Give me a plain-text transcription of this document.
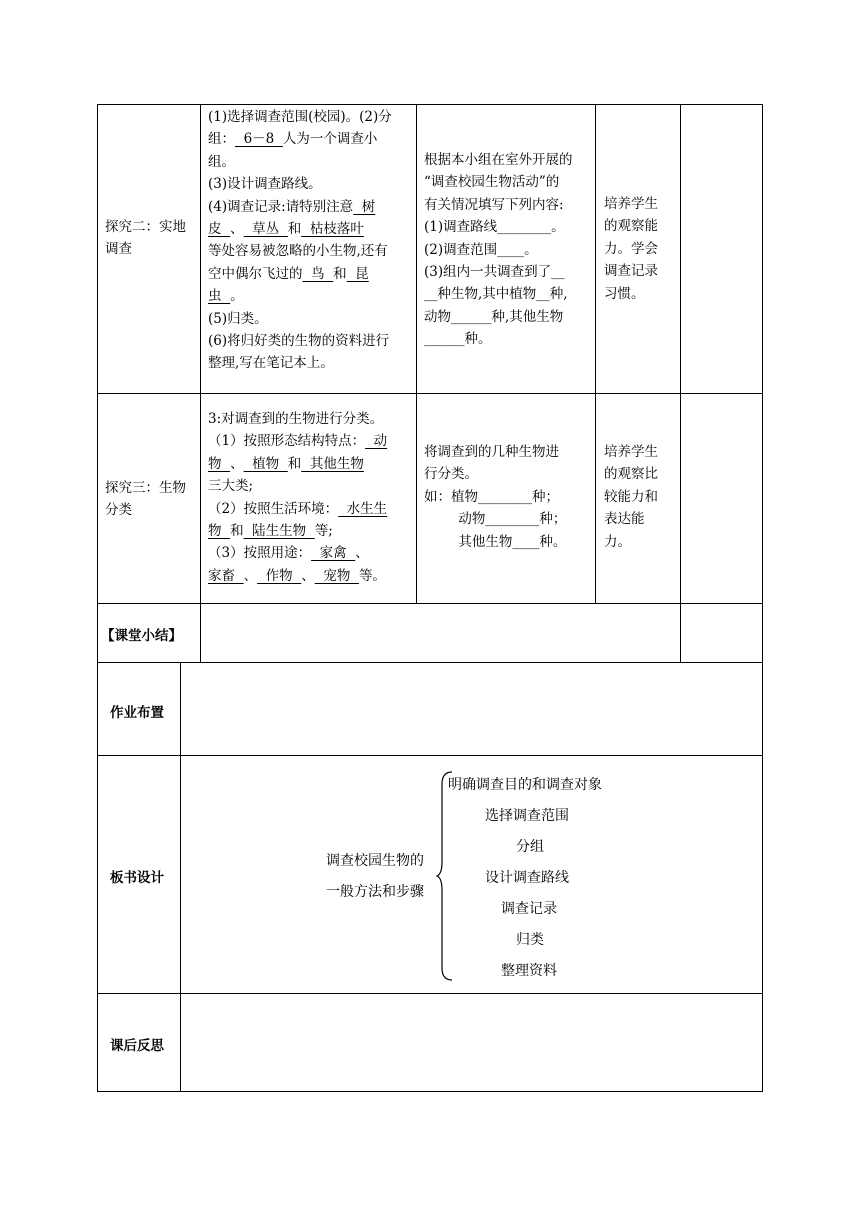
探究二：实地
调查
(1)选择调查范围(校园)。(2)分
组：  6－8  人为一个调查小
组。
(3)设计调查路线。
(4)调查记录:请特别注意  树
皮  、  草丛  和  枯枝落叶
等处容易被忽略的小生物,还有
空中偶尔飞过的  鸟  和  昆
虫  。
(5)归类。
(6)将归好类的生物的资料进行
整理,写在笔记本上。
根据本小组在室外开展的
“调查校园生物活动”的
有关情况填写下列内容:
(1)调查路线________。
(2)调查范围____。
(3)组内一共调查到了__
__种生物,其中植物__种,
动物______种,其他生物
______种。
培养学生
的观察能
力。学会
调查记录
习惯。
探究三：生物
分类
3:对调查到的生物进行分类。
（1）按照形态结构特点：  动
物  、  植物  和  其他生物
三大类;
（2）按照生活环境：  水生生
物  和  陆生生物  等;
（3）按照用途：  家禽  、
家畜  、  作物  、  宠物  等。
将调查到的几种生物进
行分类。
如：植物________种；
动物________种；
其他生物____种。
培养学生
的观察比
较能力和
表达能
力。
【课堂小结】
作业布置
板书设计
调查校园生物的
一般方法和步骤
明确调查目的和调查对象
选择调查范围
分组
设计调查路线
调查记录
归类
整理资料
课后反思
